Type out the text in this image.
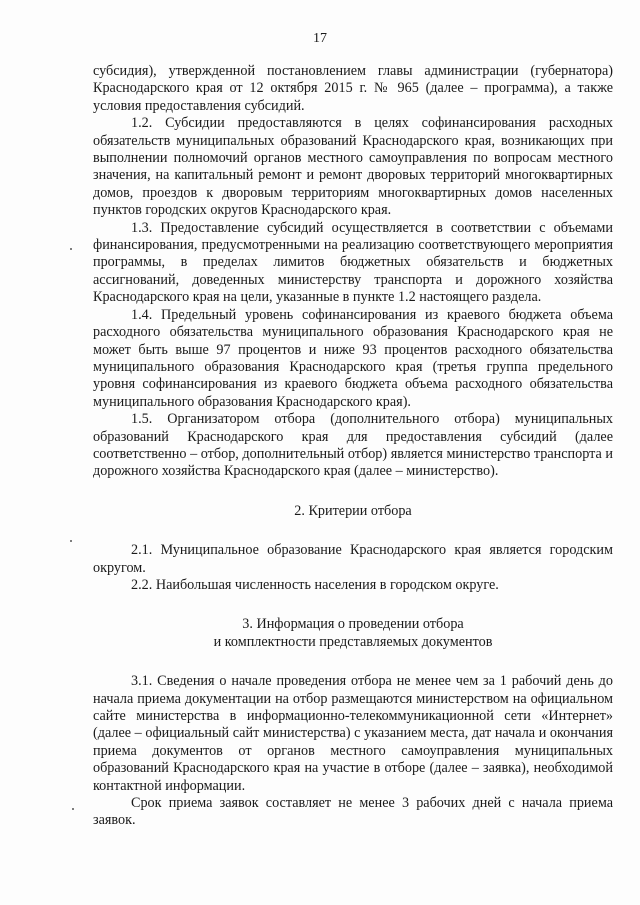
17

субсидия), утвержденной постановлением главы администрации (губернатора) Краснодарского края от 12 октября 2015 г. № 965 (далее – программа), а также условия предоставления субсидий.

1.2. Субсидии предоставляются в целях софинансирования расходных обязательств муниципальных образований Краснодарского края, возникающих при выполнении полномочий органов местного самоуправления по вопросам местного значения, на капитальный ремонт и ремонт дворовых территорий многоквартирных домов, проездов к дворовым территориям многоквартирных домов населенных пунктов городских округов Краснодарского края.

1.3. Предоставление субсидий осуществляется в соответствии с объемами финансирования, предусмотренными на реализацию соответствующего мероприятия программы, в пределах лимитов бюджетных обязательств и бюджетных ассигнований, доведенных министерству транспорта и дорожного хозяйства Краснодарского края на цели, указанные в пункте 1.2 настоящего раздела.

1.4. Предельный уровень софинансирования из краевого бюджета объема расходного обязательства муниципального образования Краснодарского края не может быть выше 97 процентов и ниже 93 процентов расходного обязательства муниципального образования Краснодарского края (третья группа предельного уровня софинансирования из краевого бюджета объема расходного обязательства муниципального образования Краснодарского края).

1.5. Организатором отбора (дополнительного отбора) муниципальных образований Краснодарского края для предоставления субсидий (далее соответственно – отбор, дополнительный отбор) является министерство транспорта и дорожного хозяйства Краснодарского края (далее – министерство).

2. Критерии отбора

2.1. Муниципальное образование Краснодарского края является городским округом.

2.2. Наибольшая численность населения в городском округе.

3. Информация о проведении отбора

и комплектности представляемых документов

3.1. Сведения о начале проведения отбора не менее чем за 1 рабочий день до начала приема документации на отбор размещаются министерством на официальном сайте министерства в информационно-телекоммуникационной сети «Интернет» (далее – официальный сайт министерства) с указанием места, дат начала и окончания приема документов от органов местного самоуправления муниципальных образований Краснодарского края на участие в отборе (далее – заявка), необходимой контактной информации.

Срок приема заявок составляет не менее 3 рабочих дней с начала приема заявок.
